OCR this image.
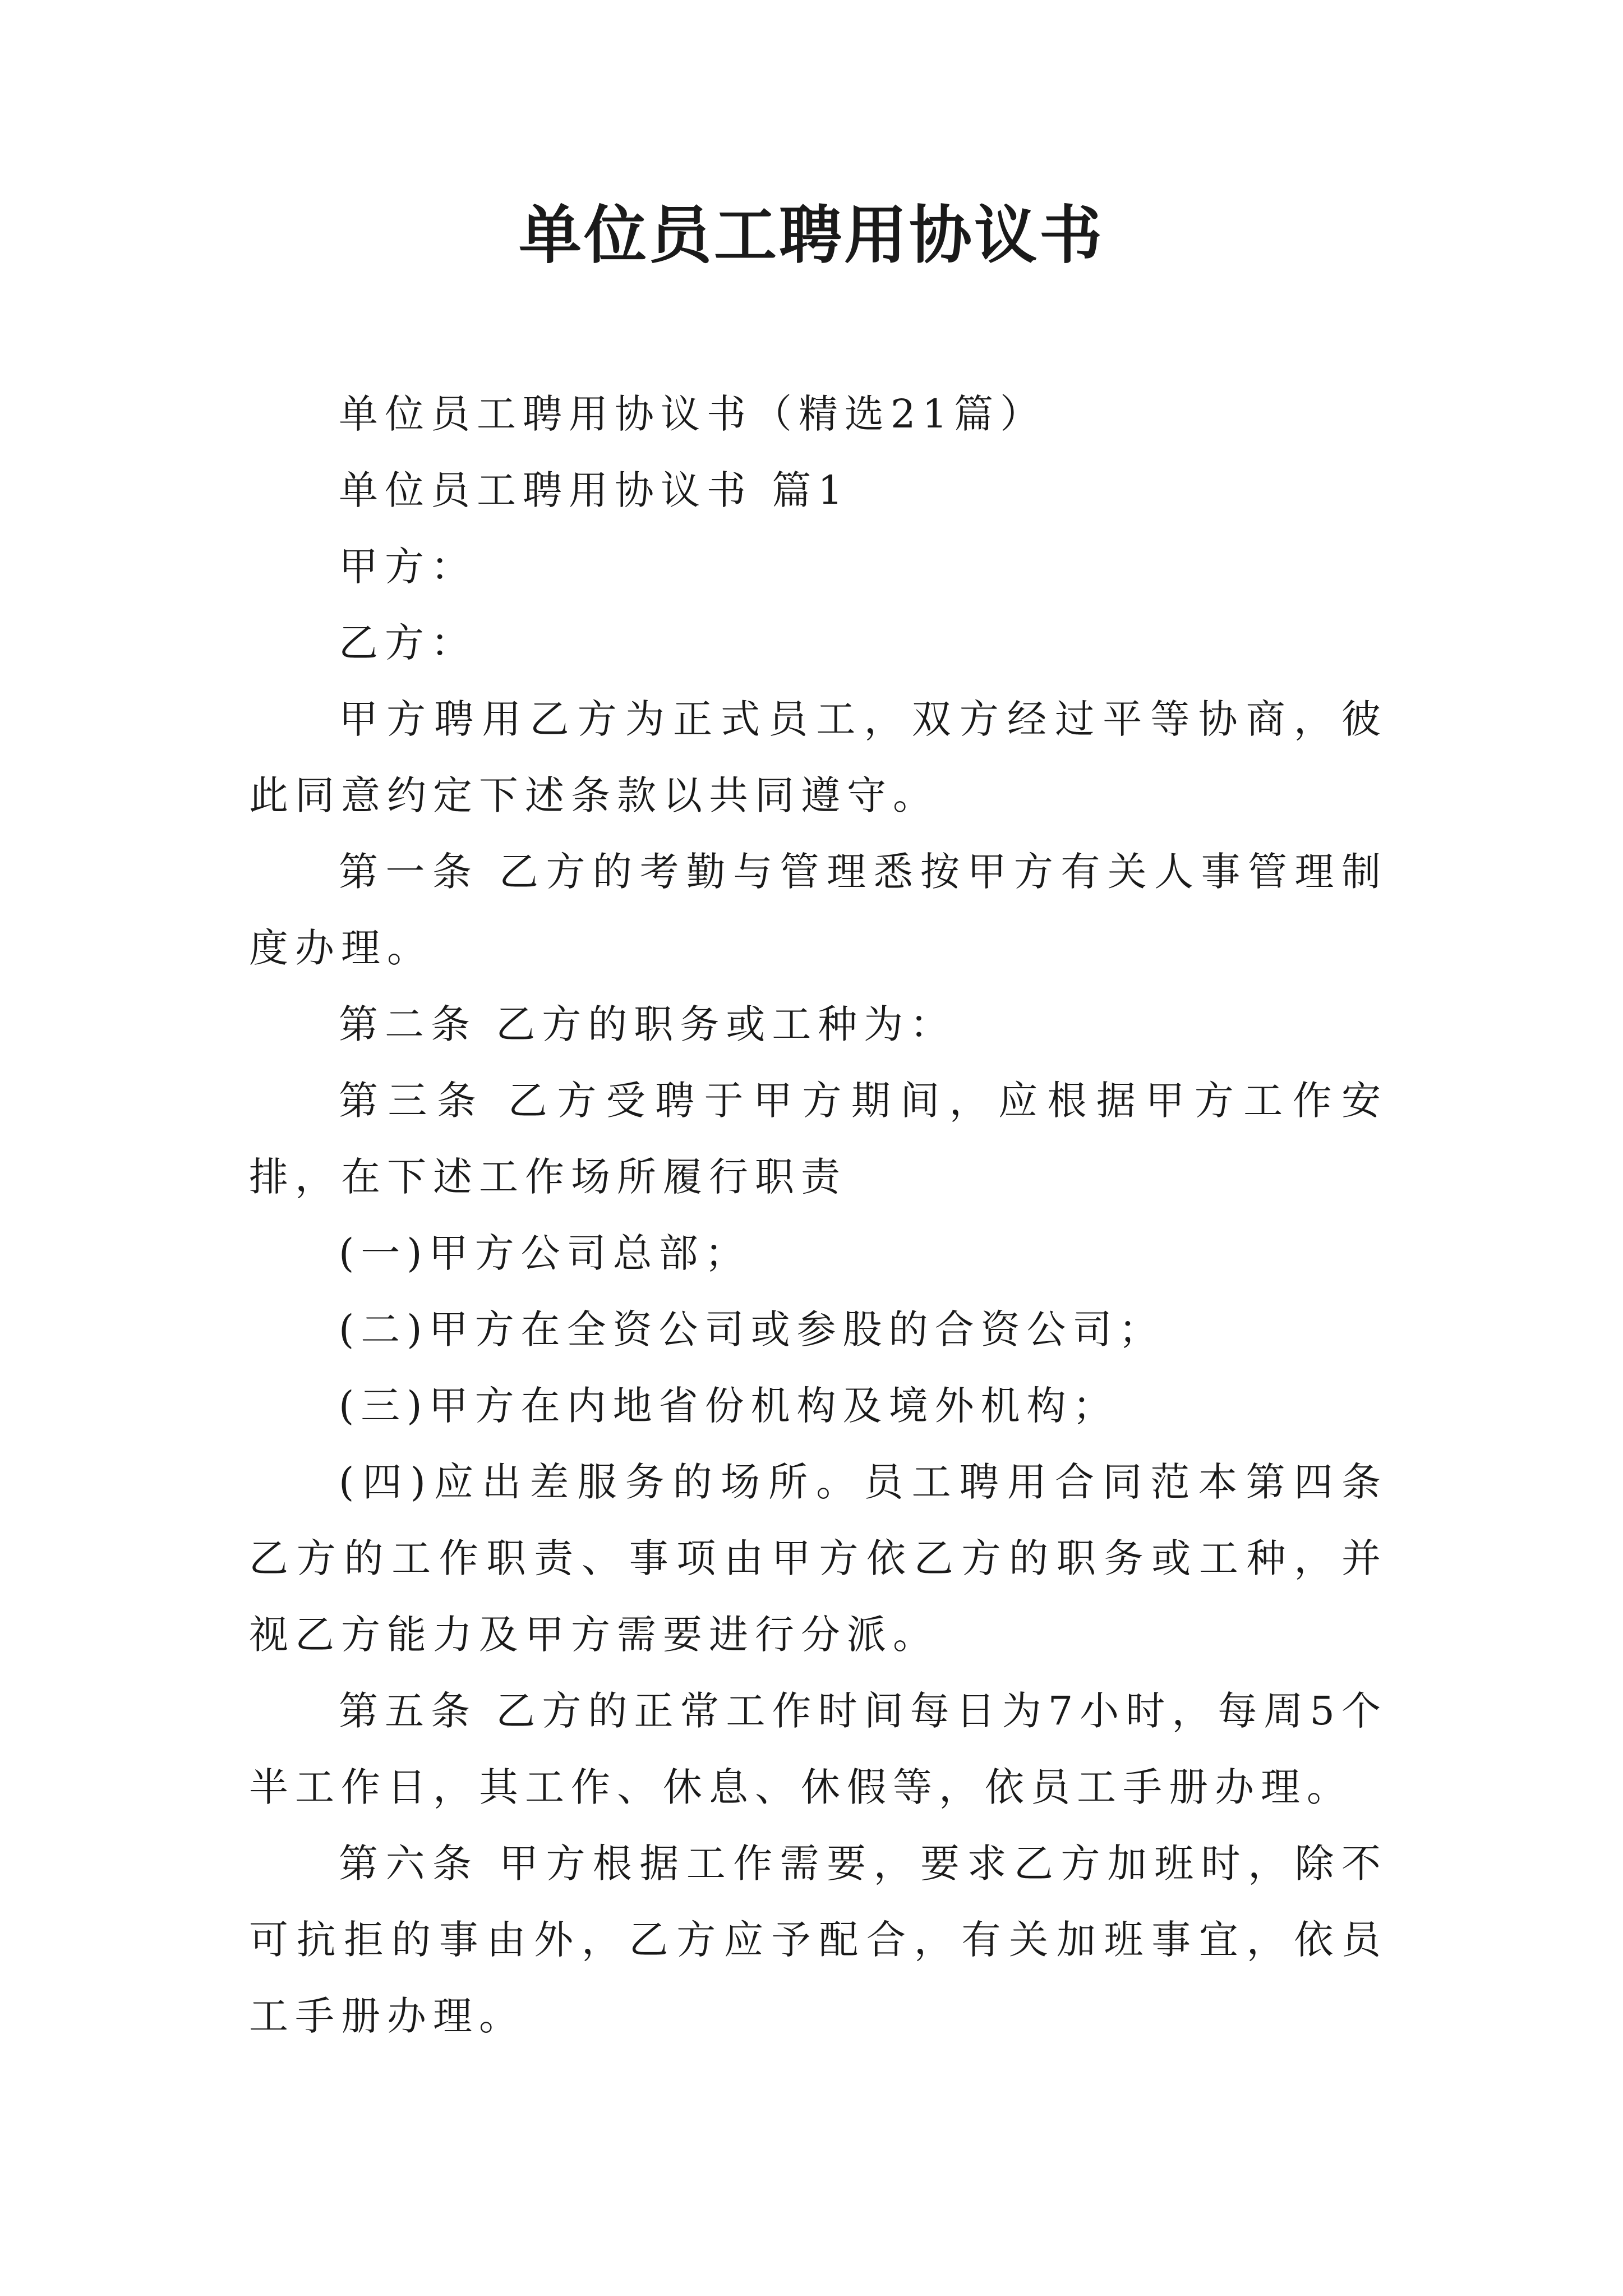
单位员工聘用协议书

单位员工聘用协议书（精选21篇）

单位员工聘用协议书 篇1

甲方：

乙方：

甲方聘用乙方为正式员工，双方经过平等协商，彼此同意约定下述条款以共同遵守。

第一条 乙方的考勤与管理悉按甲方有关人事管理制度办理。

第二条 乙方的职务或工种为：

第三条 乙方受聘于甲方期间，应根据甲方工作安排，在下述工作场所履行职责

(一)甲方公司总部；

(二)甲方在全资公司或参股的合资公司；

(三)甲方在内地省份机构及境外机构；

(四)应出差服务的场所。员工聘用合同范本第四条 乙方的工作职责、事项由甲方依乙方的职务或工种，并视乙方能力及甲方需要进行分派。

第五条 乙方的正常工作时间每日为7小时，每周5个半工作日，其工作、休息、休假等，依员工手册办理。

第六条 甲方根据工作需要，要求乙方加班时，除不可抗拒的事由外，乙方应予配合，有关加班事宜，依员工手册办理。
